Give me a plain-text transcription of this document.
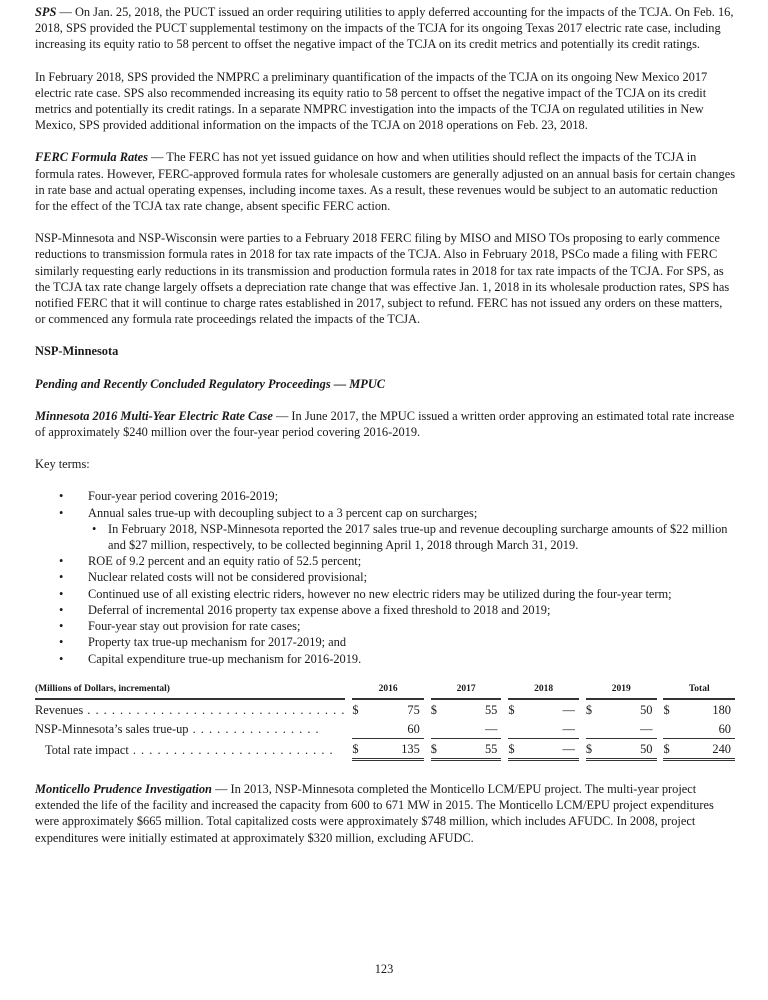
SPS — On Jan. 25, 2018, the PUCT issued an order requiring utilities to apply deferred accounting for the impacts of the TCJA. On Feb. 16, 2018, SPS provided the PUCT supplemental testimony on the impacts of the TCJA for its ongoing Texas 2017 electric rate case, including increasing its equity ratio to 58 percent to offset the negative impact of the TCJA on its credit metrics and potentially its credit ratings.

In February 2018, SPS provided the NMPRC a preliminary quantification of the impacts of the TCJA on its ongoing New Mexico 2017 electric rate case. SPS also recommended increasing its equity ratio to 58 percent to offset the negative impact of the TCJA on its credit metrics and potentially its credit ratings. In a separate NMPRC investigation into the impacts of the TCJA on regulated utilities in New Mexico, SPS provided additional information on the impacts of the TCJA on 2018 operations on Feb. 23, 2018.

FERC Formula Rates — The FERC has not yet issued guidance on how and when utilities should reflect the impacts of the TCJA in formula rates. However, FERC-approved formula rates for wholesale customers are generally adjusted on an annual basis for certain changes in rate base and actual operating expenses, including income taxes. As a result, these revenues would be subject to an automatic reduction for the effect of the TCJA tax rate change, absent specific FERC action.

NSP-Minnesota and NSP-Wisconsin were parties to a February 2018 FERC filing by MISO and MISO TOs proposing to early commence reductions to transmission formula rates in 2018 for tax rate impacts of the TCJA. Also in February 2018, PSCo made a filing with FERC similarly requesting early reductions in its transmission and production formula rates in 2018 for tax rate impacts of the TCJA. For SPS, as the TCJA tax rate change largely offsets a depreciation rate change that was effective Jan. 1, 2018 in its wholesale production rates, SPS has notified FERC that it will continue to charge rates established in 2017, subject to refund. FERC has not issued any orders on these matters, or commenced any formula rate proceedings related the impacts of the TCJA.

NSP-Minnesota

Pending and Recently Concluded Regulatory Proceedings — MPUC

Minnesota 2016 Multi-Year Electric Rate Case — In June 2017, the MPUC issued a written order approving an estimated total rate increase of approximately $240 million over the four-year period covering 2016-2019.

Key terms:

• Four-year period covering 2016-2019;
• Annual sales true-up with decoupling subject to a 3 percent cap on surcharges;
• In February 2018, NSP-Minnesota reported the 2017 sales true-up and revenue decoupling surcharge amounts of $22 million and $27 million, respectively, to be collected beginning April 1, 2018 through March 31, 2019.
• ROE of 9.2 percent and an equity ratio of 52.5 percent;
• Nuclear related costs will not be considered provisional;
• Continued use of all existing electric riders, however no new electric riders may be utilized during the four-year term;
• Deferral of incremental 2016 property tax expense above a fixed threshold to 2018 and 2019;
• Four-year stay out provision for rate cases;
• Property tax true-up mechanism for 2017-2019; and
• Capital expenditure true-up mechanism for 2016-2019.
(Millions of Dollars, incremental)		2016			2017			2018			2019			Total	
Revenues . . . . . . . . . . . . . . . . . . . . . . . . . . . . . . . .		$	75		$	55		$	—		$	50		$	180
NSP-Minnesota’s sales true-up . . . . . . . . . . . . . . . .			60			—			—			—			60
Total rate impact . . . . . . . . . . . . . . . . . . . . . . . . .		$	135		$	55		$	—		$	50		$	240

Monticello Prudence Investigation — In 2013, NSP-Minnesota completed the Monticello LCM/EPU project. The multi-year project extended the life of the facility and increased the capacity from 600 to 671 MW in 2015. The Monticello LCM/EPU project expenditures were approximately $665 million. Total capitalized costs were approximately $748 million, which includes AFUDC. In 2008, project expenditures were initially estimated at approximately $320 million, excluding AFUDC.

123
